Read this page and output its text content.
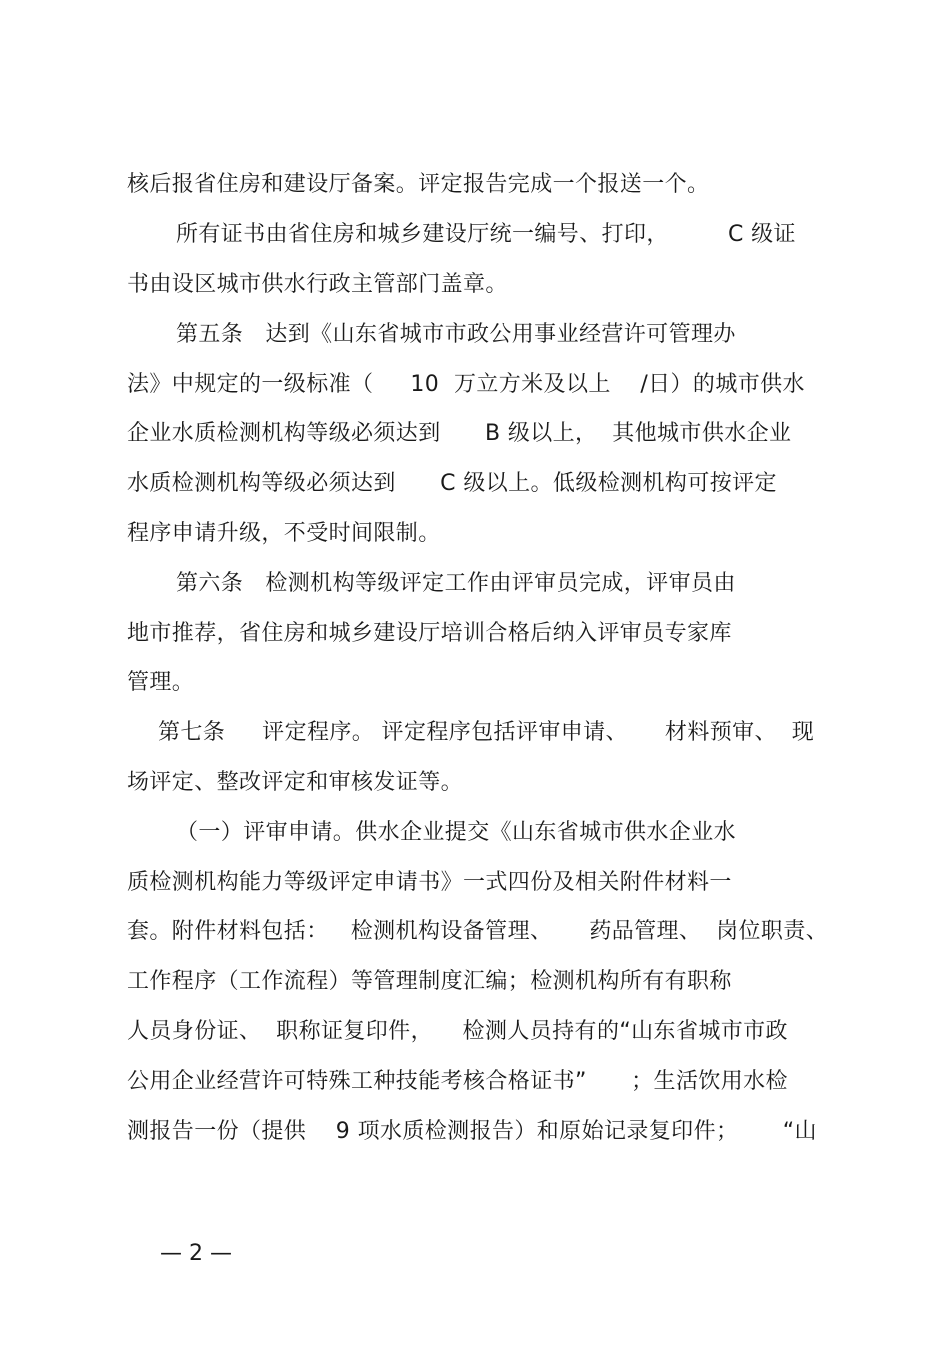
核后报省住房和建设厅备案。评定报告完成一个报送一个。

所有证书由省住房和城乡建设厅统一编号、打印，        C 级证

书由设区城市供水行政主管部门盖章。

第五条   达到《山东省城市市政公用事业经营许可管理办

法》中规定的一级标准（     10  万立方米及以上    /日）的城市供水

企业水质检测机构等级必须达到      B 级以上，  其他城市供水企业

水质检测机构等级必须达到      C 级以上。低级检测机构可按评定

程序申请升级，不受时间限制。

第六条   检测机构等级评定工作由评审员完成，评审员由

地市推荐，省住房和城乡建设厅培训合格后纳入评审员专家库

管理。

第七条     评定程序。 评定程序包括评审申请、     材料预审、  现

场评定、整改评定和审核发证等。

（一）评审申请。供水企业提交《山东省城市供水企业水

质检测机构能力等级评定申请书》一式四份及相关附件材料一

套。附件材料包括：   检测机构设备管理、     药品管理、  岗位职责、

工作程序（工作流程）等管理制度汇编；检测机构所有有职称

人员身份证、  职称证复印件，    检测人员持有的“山东省城市市政

公用企业经营许可特殊工种技能考核合格证书”      ；生活饮用水检

测报告一份（提供    9 项水质检测报告）和原始记录复印件；      “山

— 2 —
